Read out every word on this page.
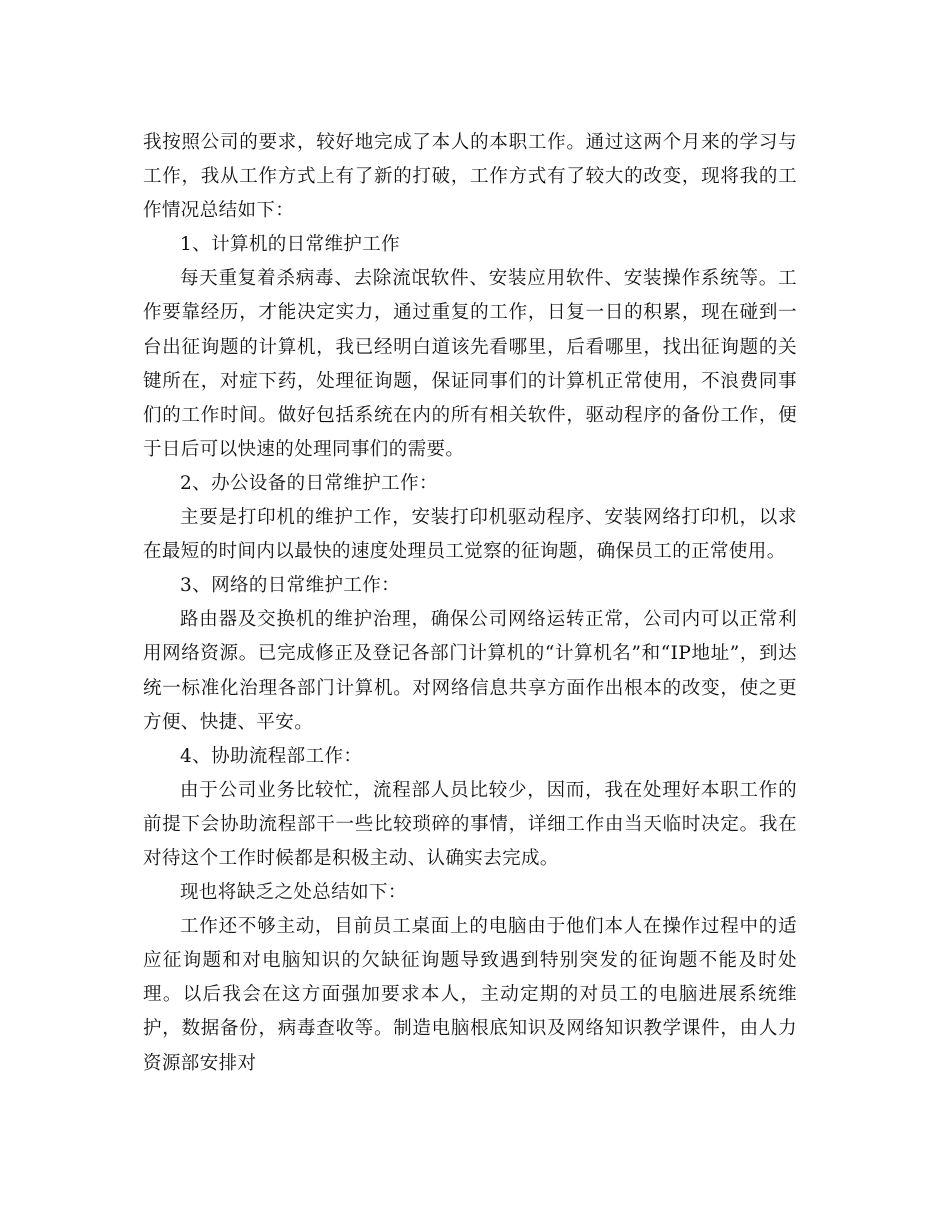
我按照公司的要求，较好地完成了本人的本职工作。通过这两个月来的学习与工作，我从工作方式上有了新的打破，工作方式有了较大的改变，现将我的工作情况总结如下：

1、计算机的日常维护工作

每天重复着杀病毒、去除流氓软件、安装应用软件、安装操作系统等。工作要靠经历，才能决定实力，通过重复的工作，日复一日的积累，现在碰到一台出征询题的计算机，我已经明白道该先看哪里，后看哪里，找出征询题的关键所在，对症下药，处理征询题，保证同事们的计算机正常使用，不浪费同事们的工作时间。做好包括系统在内的所有相关软件，驱动程序的备份工作，便于日后可以快速的处理同事们的需要。

2、办公设备的日常维护工作：

主要是打印机的维护工作，安装打印机驱动程序、安装网络打印机，以求在最短的时间内以最快的速度处理员工觉察的征询题，确保员工的正常使用。

3、网络的日常维护工作：

路由器及交换机的维护治理，确保公司网络运转正常，公司内可以正常利用网络资源。已完成修正及登记各部门计算机的“计算机名”和“IP地址”，到达统一标准化治理各部门计算机。对网络信息共享方面作出根本的改变，使之更方便、快捷、平安。

4、协助流程部工作：

由于公司业务比较忙，流程部人员比较少，因而，我在处理好本职工作的前提下会协助流程部干一些比较琐碎的事情，详细工作由当天临时决定。我在对待这个工作时候都是积极主动、认确实去完成。

现也将缺乏之处总结如下：

工作还不够主动，目前员工桌面上的电脑由于他们本人在操作过程中的适应征询题和对电脑知识的欠缺征询题导致遇到特别突发的征询题不能及时处理。以后我会在这方面强加要求本人，主动定期的对员工的电脑进展系统维护，数据备份，病毒查收等。制造电脑根底知识及网络知识教学课件，由人力资源部安排对
